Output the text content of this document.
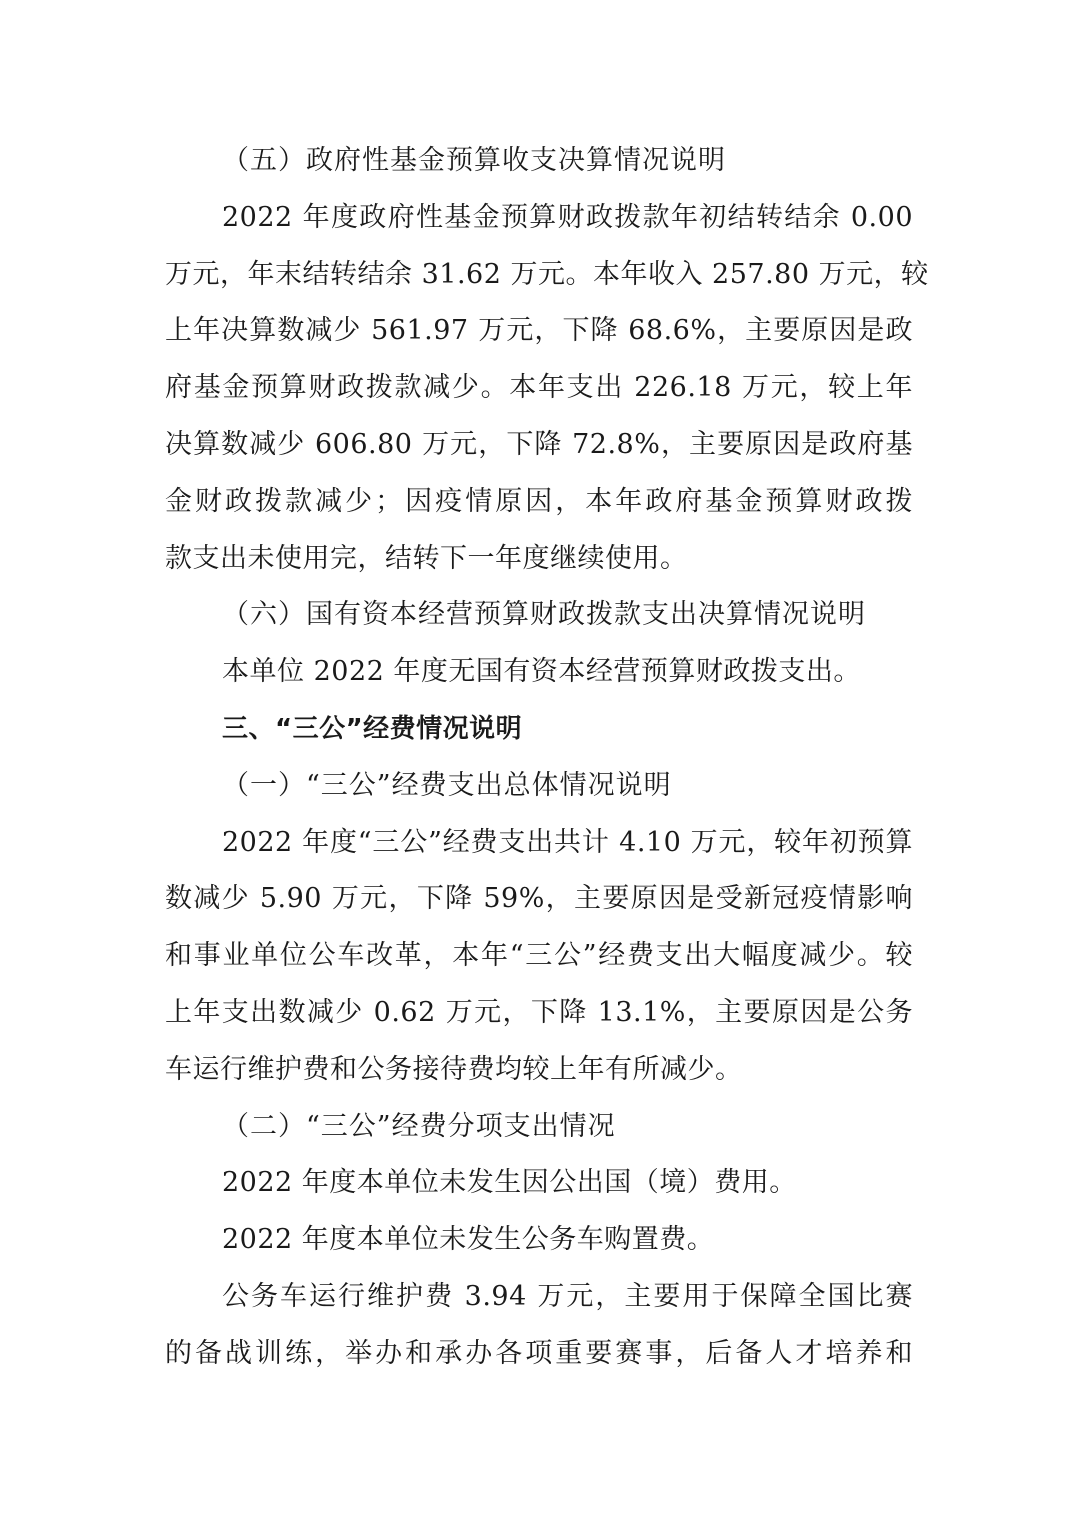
（五）政府性基金预算收支决算情况说明
2022 年度政府性基金预算财政拨款年初结转结余 0.00
万元，年末结转结余 31.62 万元。本年收入 257.80 万元，较
上年决算数减少 561.97 万元，下降 68.6%，主要原因是政
府基金预算财政拨款减少。本年支出 226.18 万元，较上年
决算数减少 606.80 万元，下降 72.8%，主要原因是政府基
金财政拨款减少；因疫情原因，本年政府基金预算财政拨
款支出未使用完，结转下一年度继续使用。
（六）国有资本经营预算财政拨款支出决算情况说明
本单位 2022 年度无国有资本经营预算财政拨支出。
三、“三公”经费情况说明
（一）“三公”经费支出总体情况说明
2022 年度“三公”经费支出共计 4.10 万元，较年初预算
数减少 5.90 万元，下降 59%，主要原因是受新冠疫情影响
和事业单位公车改革，本年“三公”经费支出大幅度减少。较
上年支出数减少 0.62 万元，下降 13.1%，主要原因是公务
车运行维护费和公务接待费均较上年有所减少。
（二）“三公”经费分项支出情况
2022 年度本单位未发生因公出国（境）费用。
2022 年度本单位未发生公务车购置费。
公务车运行维护费 3.94 万元，主要用于保障全国比赛
的备战训练，举办和承办各项重要赛事，后备人才培养和
